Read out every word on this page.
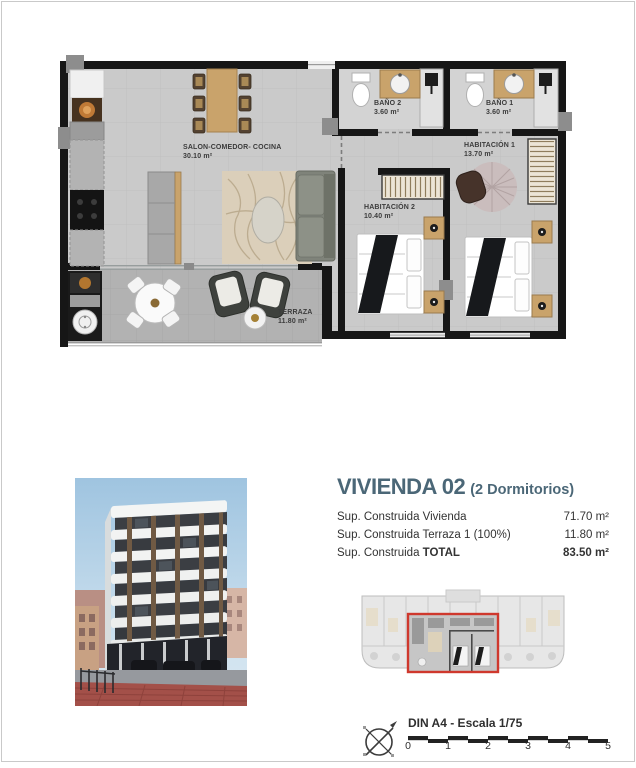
SALON-COMEDOR- COCINA
30.10 m²
BAÑO 2
3.60 m²
BAÑO 1
3.60 m²
HABITACIÓN 1
13.70 m²
HABITACIÓN 2
10.40 m²
TERRAZA
11.80 m²
VIVIENDA 02 (2 Dormitorios)
Sup. Construida Vivienda	71.70 m²
Sup. Construida Terraza 1 (100%)	11.80 m²
Sup. Construida TOTAL	83.50 m²
DIN A4 - Escala 1/75
0	1	2	3	4	5
